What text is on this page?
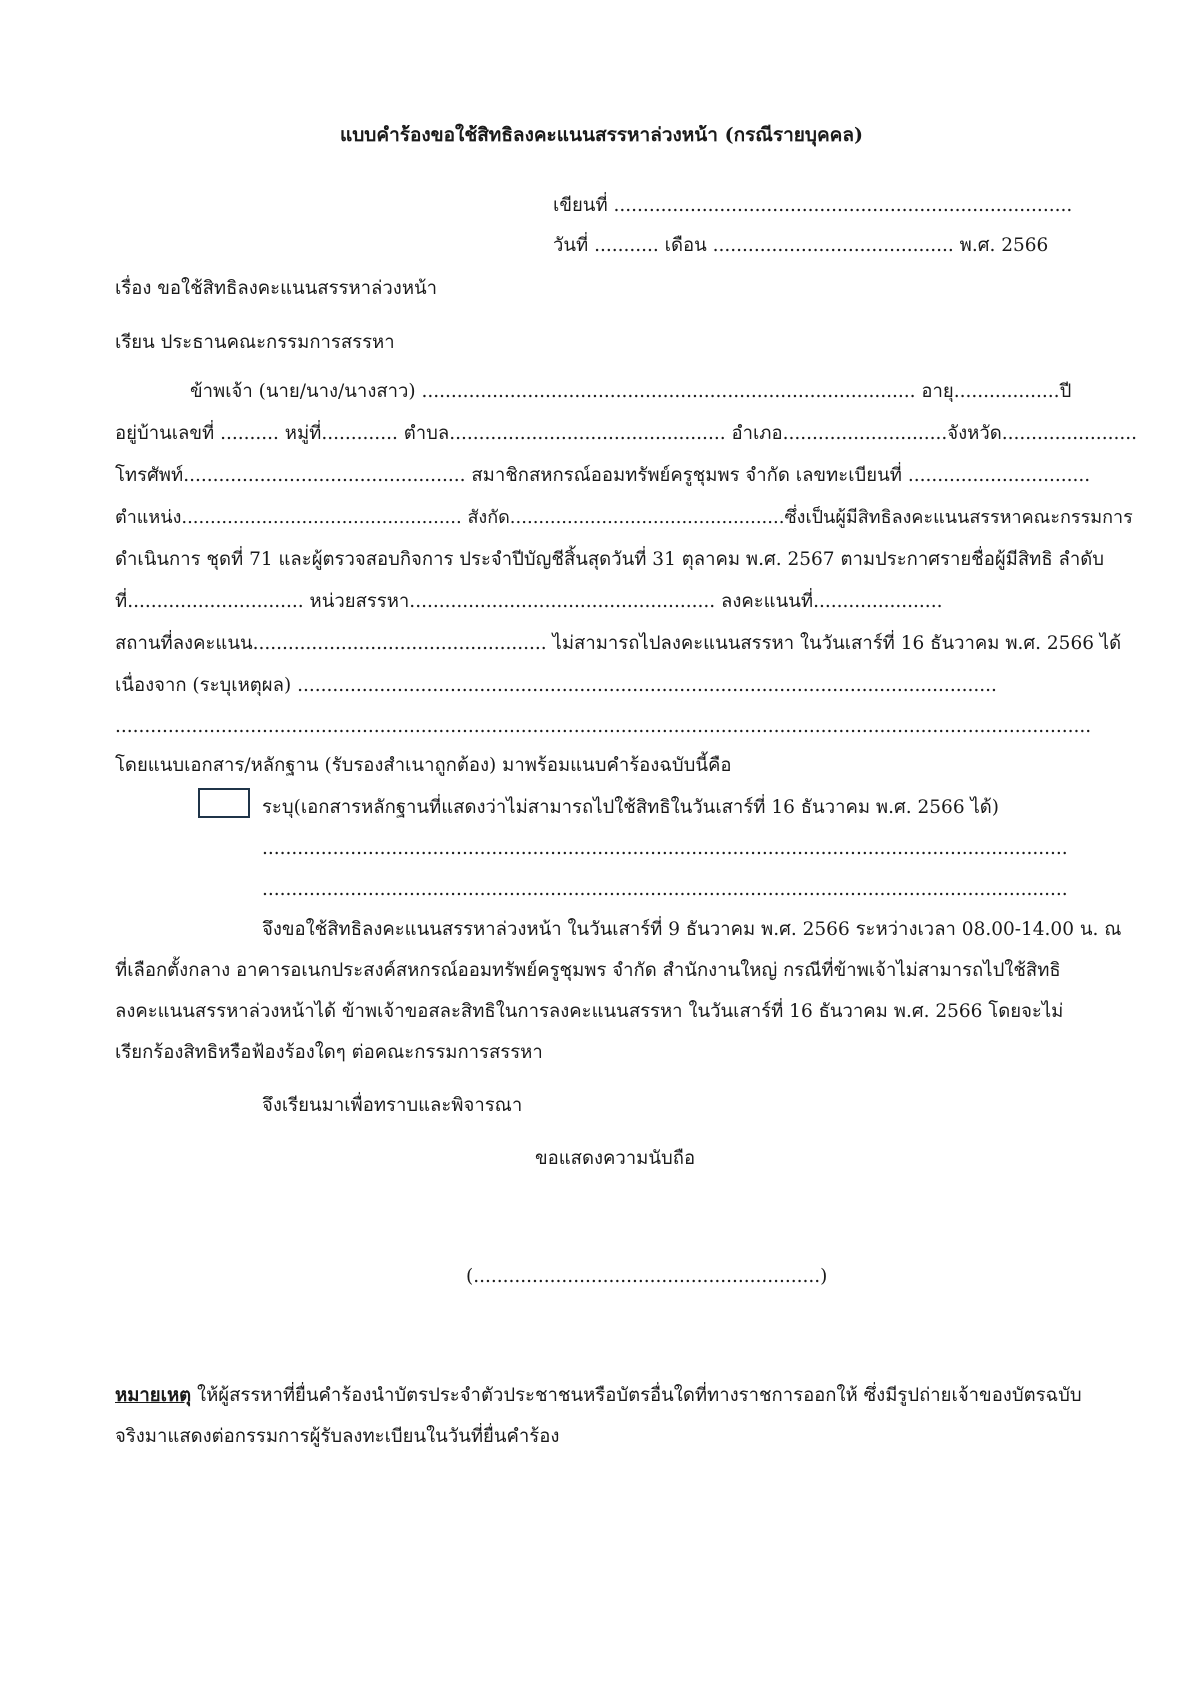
แบบคำร้องขอใช้สิทธิลงคะแนนสรรหาล่วงหน้า (กรณีรายบุคคล)
เขียนที่ ..............................................................................
วันที่ ........... เดือน ......................................... พ.ศ. 2566
เรื่อง ขอใช้สิทธิลงคะแนนสรรหาล่วงหน้า
เรียน ประธานคณะกรรมการสรรหา
ข้าพเจ้า (นาย/นาง/นางสาว) .................................................................................... อายุ..................ปี
อยู่บ้านเลขที่ .......... หมู่ที่............. ตำบล............................................... อำเภอ............................จังหวัด.......................
โทรศัพท์................................................ สมาชิกสหกรณ์ออมทรัพย์ครูชุมพร จำกัด เลขทะเบียนที่ ...............................
ตำแหน่ง................................................. สังกัด................................................ซึ่งเป็นผู้มีสิทธิลงคะแนนสรรหาคณะกรรมการ
ดำเนินการ ชุดที่ 71 และผู้ตรวจสอบกิจการ ประจำปีบัญชีสิ้นสุดวันที่ 31 ตุลาคม พ.ศ. 2567 ตามประกาศรายชื่อผู้มีสิทธิ ลำดับ
ที่.............................. หน่วยสรรหา.................................................... ลงคะแนนที่......................
สถานที่ลงคะแนน.................................................. ไม่สามารถไปลงคะแนนสรรหา ในวันเสาร์ที่ 16 ธันวาคม พ.ศ. 2566 ได้
เนื่องจาก (ระบุเหตุผล) .......................................................................................................................
......................................................................................................................................................................
โดยแนบเอกสาร/หลักฐาน (รับรองสำเนาถูกต้อง) มาพร้อมแนบคำร้องฉบับนี้คือ
ระบุ(เอกสารหลักฐานที่แสดงว่าไม่สามารถไปใช้สิทธิในวันเสาร์ที่ 16 ธันวาคม พ.ศ. 2566 ได้)
.........................................................................................................................................
.........................................................................................................................................
จึงขอใช้สิทธิลงคะแนนสรรหาล่วงหน้า ในวันเสาร์ที่ 9 ธันวาคม พ.ศ. 2566 ระหว่างเวลา 08.00-14.00 น. ณ
ที่เลือกตั้งกลาง อาคารอเนกประสงค์สหกรณ์ออมทรัพย์ครูชุมพร จำกัด สำนักงานใหญ่ กรณีที่ข้าพเจ้าไม่สามารถไปใช้สิทธิ
ลงคะแนนสรรหาล่วงหน้าได้ ข้าพเจ้าขอสละสิทธิในการลงคะแนนสรรหา ในวันเสาร์ที่ 16 ธันวาคม พ.ศ. 2566 โดยจะไม่
เรียกร้องสิทธิหรือฟ้องร้องใดๆ ต่อคณะกรรมการสรรหา
จึงเรียนมาเพื่อทราบและพิจารณา
ขอแสดงความนับถือ
(...........................................................)
หมายเหตุ ให้ผู้สรรหาที่ยื่นคำร้องนำบัตรประจำตัวประชาชนหรือบัตรอื่นใดที่ทางราชการออกให้ ซึ่งมีรูปถ่ายเจ้าของบัตรฉบับ
จริงมาแสดงต่อกรรมการผู้รับลงทะเบียนในวันที่ยื่นคำร้อง
